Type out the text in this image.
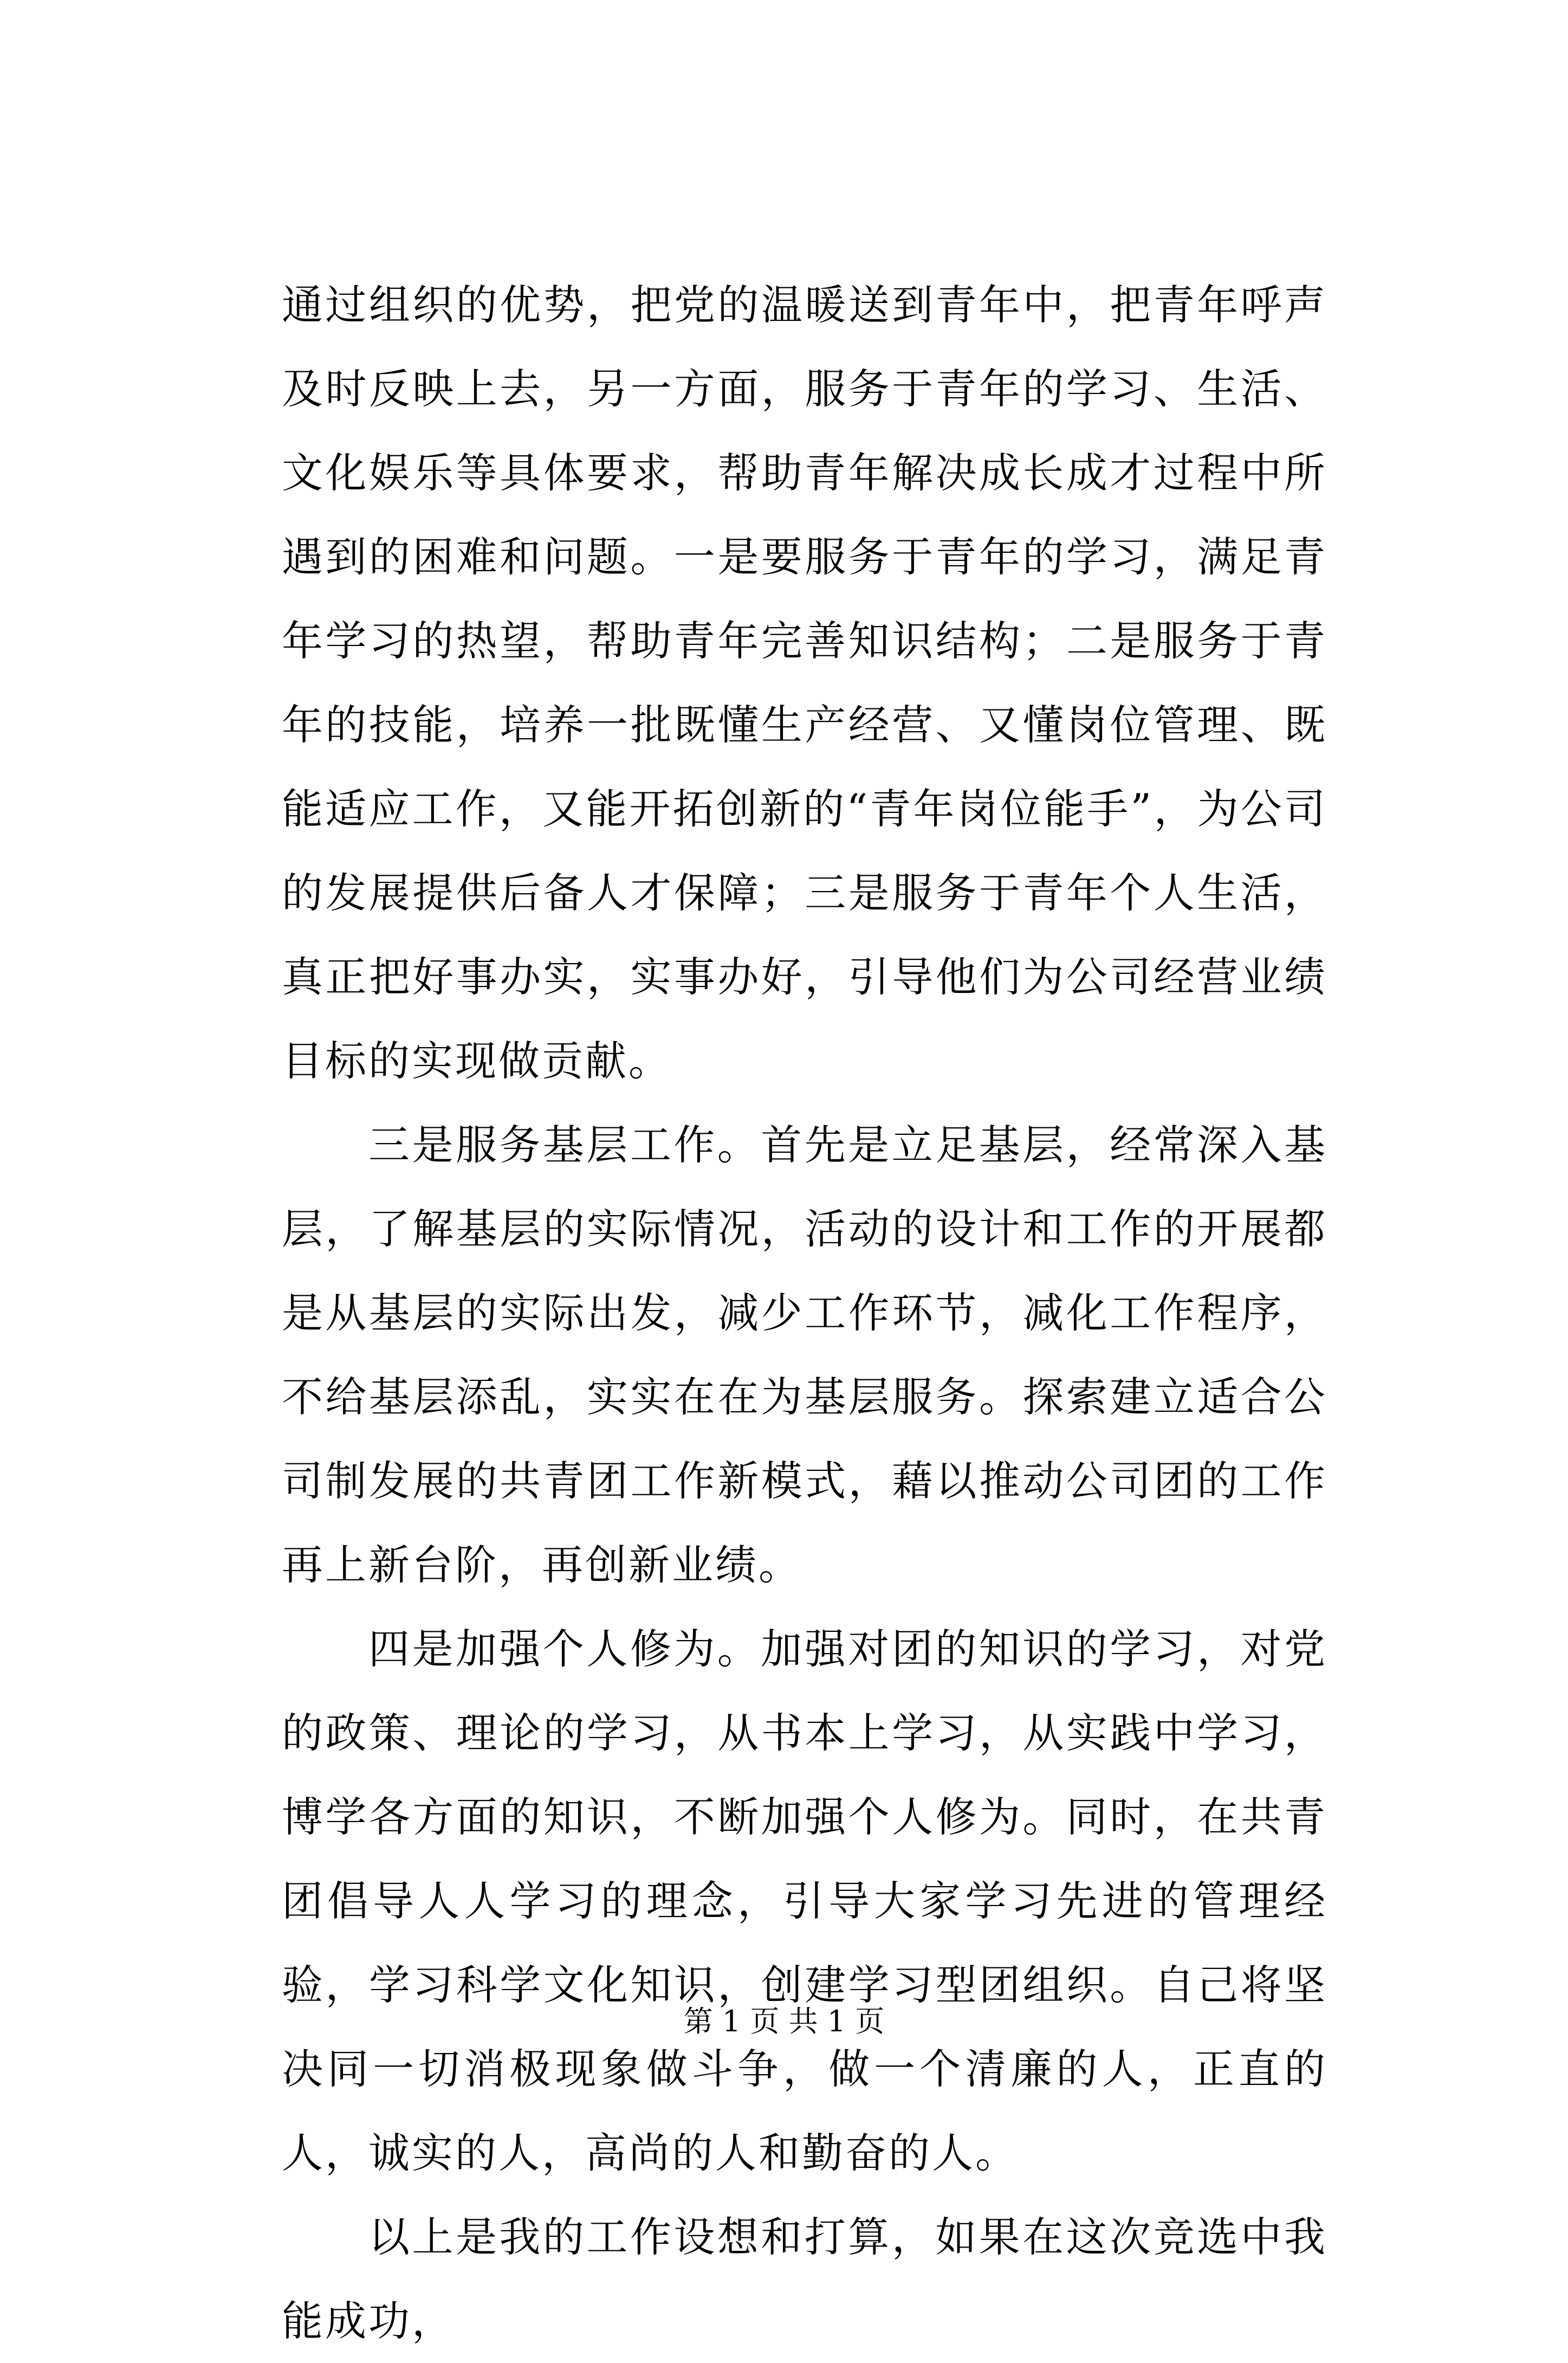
通过组织的优势，把党的温暖送到青年中，把青年呼声及时反映上去，另一方面，服务于青年的学习、生活、文化娱乐等具体要求，帮助青年解决成长成才过程中所遇到的困难和问题。一是要服务于青年的学习，满足青年学习的热望，帮助青年完善知识结构；二是服务于青年的技能，培养一批既懂生产经营、又懂岗位管理、既能适应工作，又能开拓创新的“青年岗位能手”，为公司的发展提供后备人才保障；三是服务于青年个人生活，真正把好事办实，实事办好，引导他们为公司经营业绩目标的实现做贡献。

三是服务基层工作。首先是立足基层，经常深入基层，了解基层的实际情况，活动的设计和工作的开展都是从基层的实际出发，减少工作环节，减化工作程序，不给基层添乱，实实在在为基层服务。探索建立适合公司制发展的共青团工作新模式，藉以推动公司团的工作再上新台阶，再创新业绩。

四是加强个人修为。加强对团的知识的学习，对党的政策、理论的学习，从书本上学习，从实践中学习，博学各方面的知识，不断加强个人修为。同时，在共青团倡导人人学习的理念，引导大家学习先进的管理经验，学习科学文化知识，创建学习型团组织。自己将坚决同一切消极现象做斗争，做一个清廉的人，正直的人，诚实的人，高尚的人和勤奋的人。

以上是我的工作设想和打算，如果在这次竞选中我能成功，

第 1 页 共 1 页
